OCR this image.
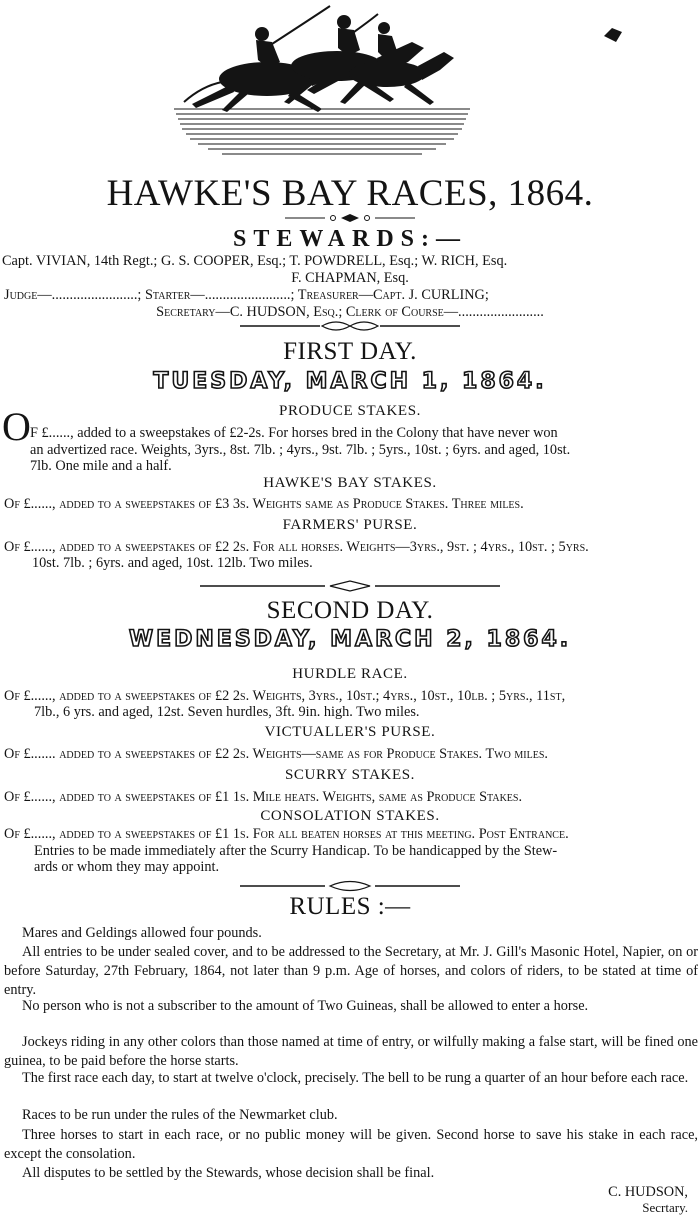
HAWKE'S BAY RACES, 1864.
STEWARDS:—
Capt. VIVIAN, 14th Regt.; G. S. COOPER, Esq.; T. POWDRELL, Esq.; W. RICH, Esq.
F. CHAPMAN, Esq.
Judge—........................; Starter—........................; Treasurer—Capt. J. CURLING;
Secretary—C. HUDSON, Esq.; Clerk of Course—........................
FIRST DAY.
TUESDAY, MARCH 1, 1864.
PRODUCE STAKES.
O F £......, added to a sweepstakes of £2-2s. For horses bred in the Colony that have never won
an advertized race. Weights, 3yrs., 8st. 7lb. ; 4yrs., 9st. 7lb. ; 5yrs., 10st. ; 6yrs. and aged, 10st.
7lb. One mile and a half.
HAWKE'S BAY STAKES.
Of £......, added to a sweepstakes of £3 3s. Weights same as Produce Stakes. Three miles.
FARMERS' PURSE.
Of £......, added to a sweepstakes of £2 2s. For all horses. Weights—3yrs., 9st. ; 4yrs., 10st. ; 5yrs.
10st. 7lb. ; 6yrs. and aged, 10st. 12lb. Two miles.
SECOND DAY.
WEDNESDAY, MARCH 2, 1864.
HURDLE RACE.
Of £......, added to a sweepstakes of £2 2s. Weights, 3yrs., 10st.; 4yrs., 10st., 10lb. ; 5yrs., 11st,
7lb., 6 yrs. and aged, 12st. Seven hurdles, 3ft. 9in. high. Two miles.
VICTUALLER'S PURSE.
Of £....... added to a sweepstakes of £2 2s. Weights—same as for Produce Stakes. Two miles.
SCURRY STAKES.
Of £......, added to a sweepstakes of £1 1s. Mile heats. Weights, same as Produce Stakes.
CONSOLATION STAKES.
Of £......, added to a sweepstakes of £1 1s. For all beaten horses at this meeting. Post Entrance.
Entries to be made immediately after the Scurry Handicap. To be handicapped by the Stew-
ards or whom they may appoint.
RULES :—
Mares and Geldings allowed four pounds.
All entries to be under sealed cover, and to be addressed to the Secretary, at Mr. J. Gill's Masonic Hotel, Napier, on or before Saturday, 27th February, 1864, not later than 9 p.m. Age of horses, and colors of riders, to be stated at time of entry.
No person who is not a subscriber to the amount of Two Guineas, shall be allowed to enter a horse.
Jockeys riding in any other colors than those named at time of entry, or wilfully making a false start, will be fined one guinea, to be paid before the horse starts.
The first race each day, to start at twelve o'clock, precisely. The bell to be rung a quarter of an hour before each race.
Races to be run under the rules of the Newmarket club.
Three horses to start in each race, or no public money will be given. Second horse to save his stake in each race, except the consolation.
All disputes to be settled by the Stewards, whose decision shall be final.
C. HUDSON,
Secrtary.
